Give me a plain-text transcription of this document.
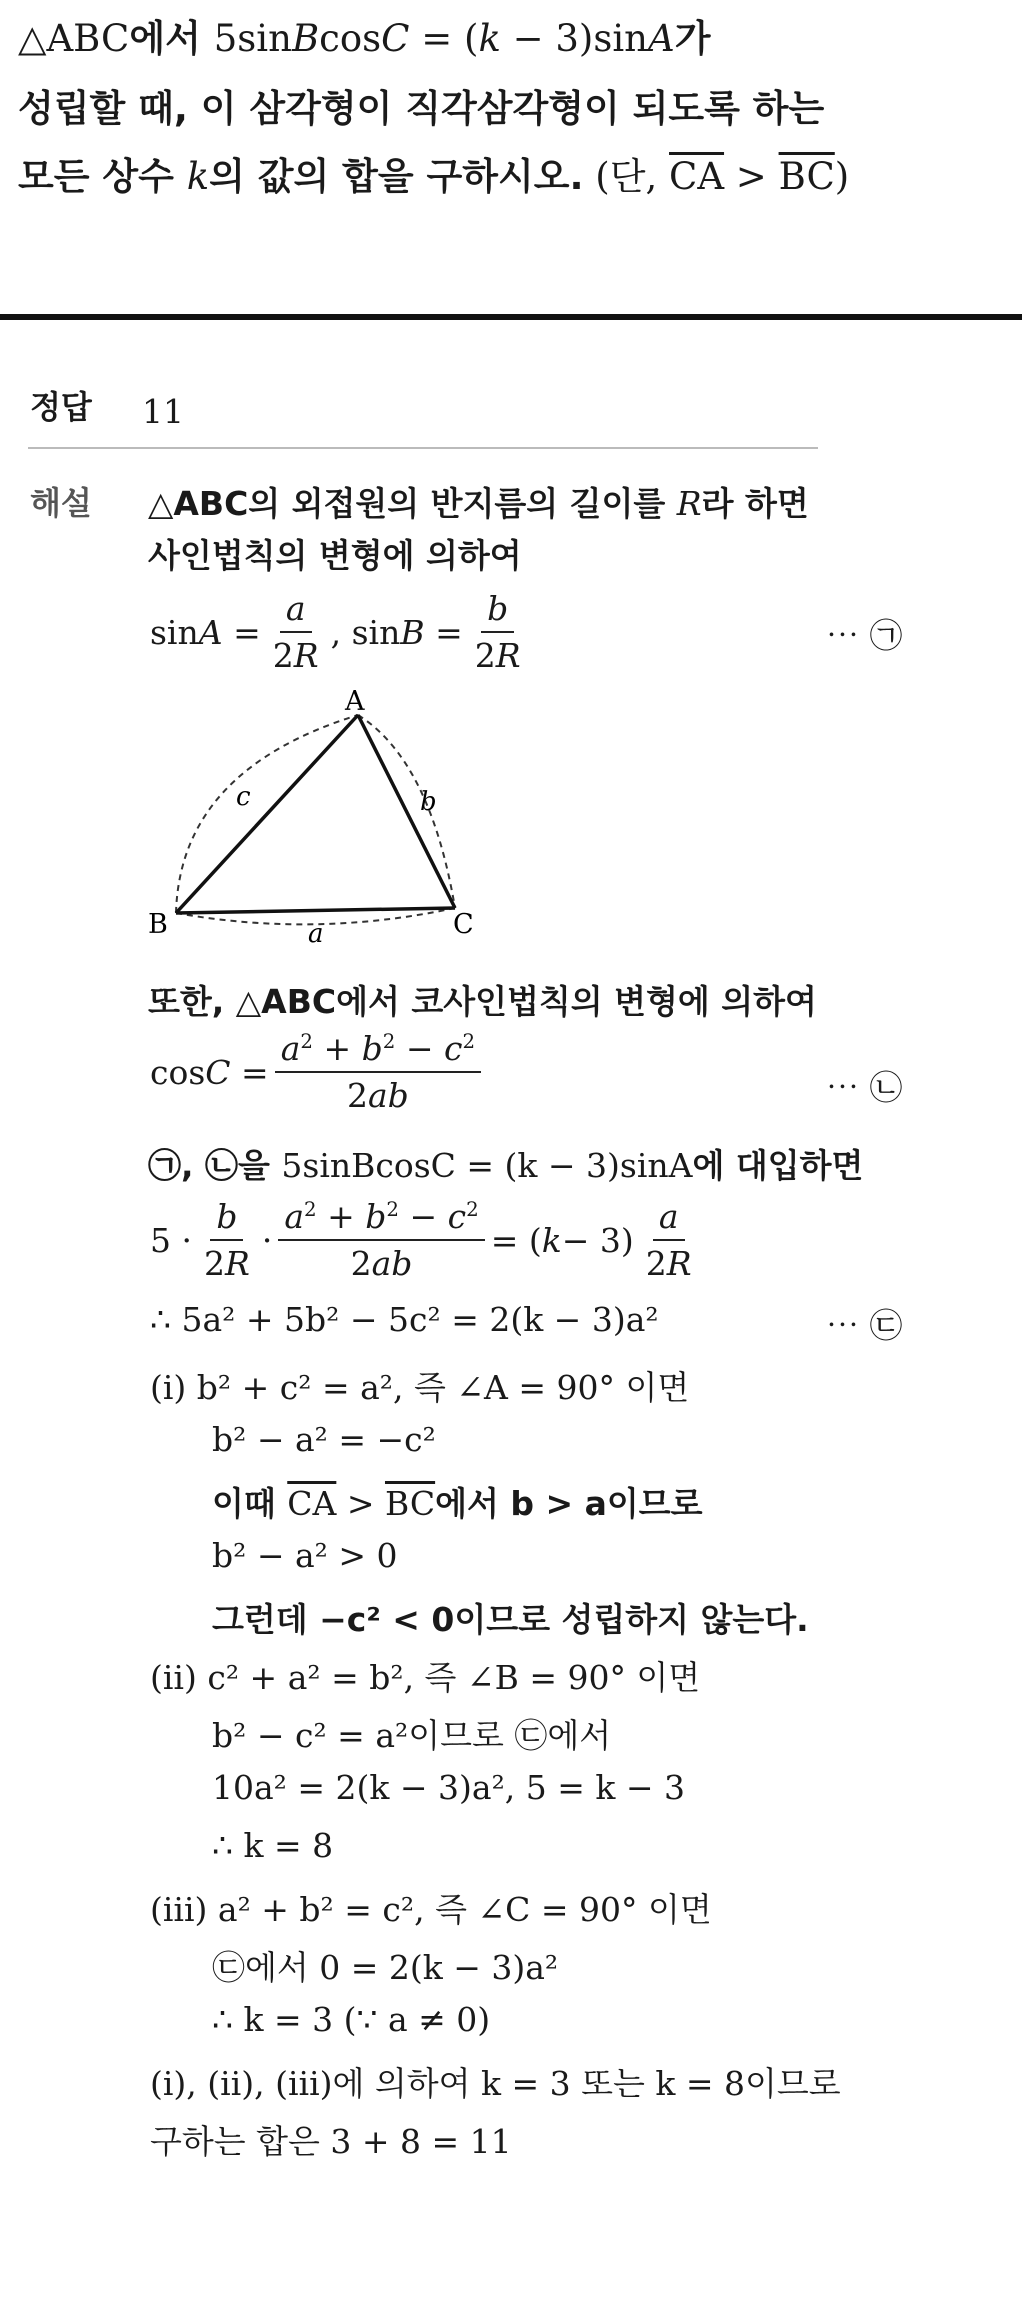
△ABC에서 5sinBcosC = (k − 3)sinA가
성립할 때, 이 삼각형이 직각삼각형이 되도록 하는
모든 상수 k의 값의 합을 구하시오. (단, $\overline{CA} > \overline{BC}$)
정답 11
해설 △ABC의 외접원의 반지름의 길이를 R라 하면
사인법칙의 변형에 의하여
$\sin A = \frac{a}{2R}$ , $\sin B = \frac{b}{2R}$	⋯ ㉠
A
B	C
a
b
c
또한, △ABC에서 코사인법칙의 변형에 의하여
$\cos C = \frac{a^2 + b^2 - c^2}{2ab}$	⋯ ㉡
㉠, ㉡을 5sinBcosC = (k − 3)sinA에 대입하면
$5 \cdot \frac{b}{2R} \cdot \frac{a^2 + b^2 - c^2}{2ab}$ = ( $k - 3) \frac{a}{2R}$
∴ 5a² + 5b² − 5c² = 2(k − 3)a²	⋯ ㉢
(ⅰ) b² + c² = a², 즉 ∠A = 90° 이면
b² − a² = −c²
이때 $\overline{CA} > \overline{BC}$에서 b > a이므로
b² − a² > 0
그런데 −c² < 0이므로 성립하지 않는다.
(ⅱ) c² + a² = b², 즉 ∠B = 90° 이면
b² − c² = a²이므로 ㉢에서
10a² = 2(k − 3)a², 5 = k − 3
∴ k = 8
(ⅲ) a² + b² = c², 즉 ∠C = 90° 이면
㉢에서 0 = 2(k − 3)a²
∴ k = 3 (∵ a ≠ 0)
(ⅰ), (ⅱ), (ⅲ)에 의하여 k = 3 또는 k = 8이므로
구하는 합은 3 + 8 = 11
